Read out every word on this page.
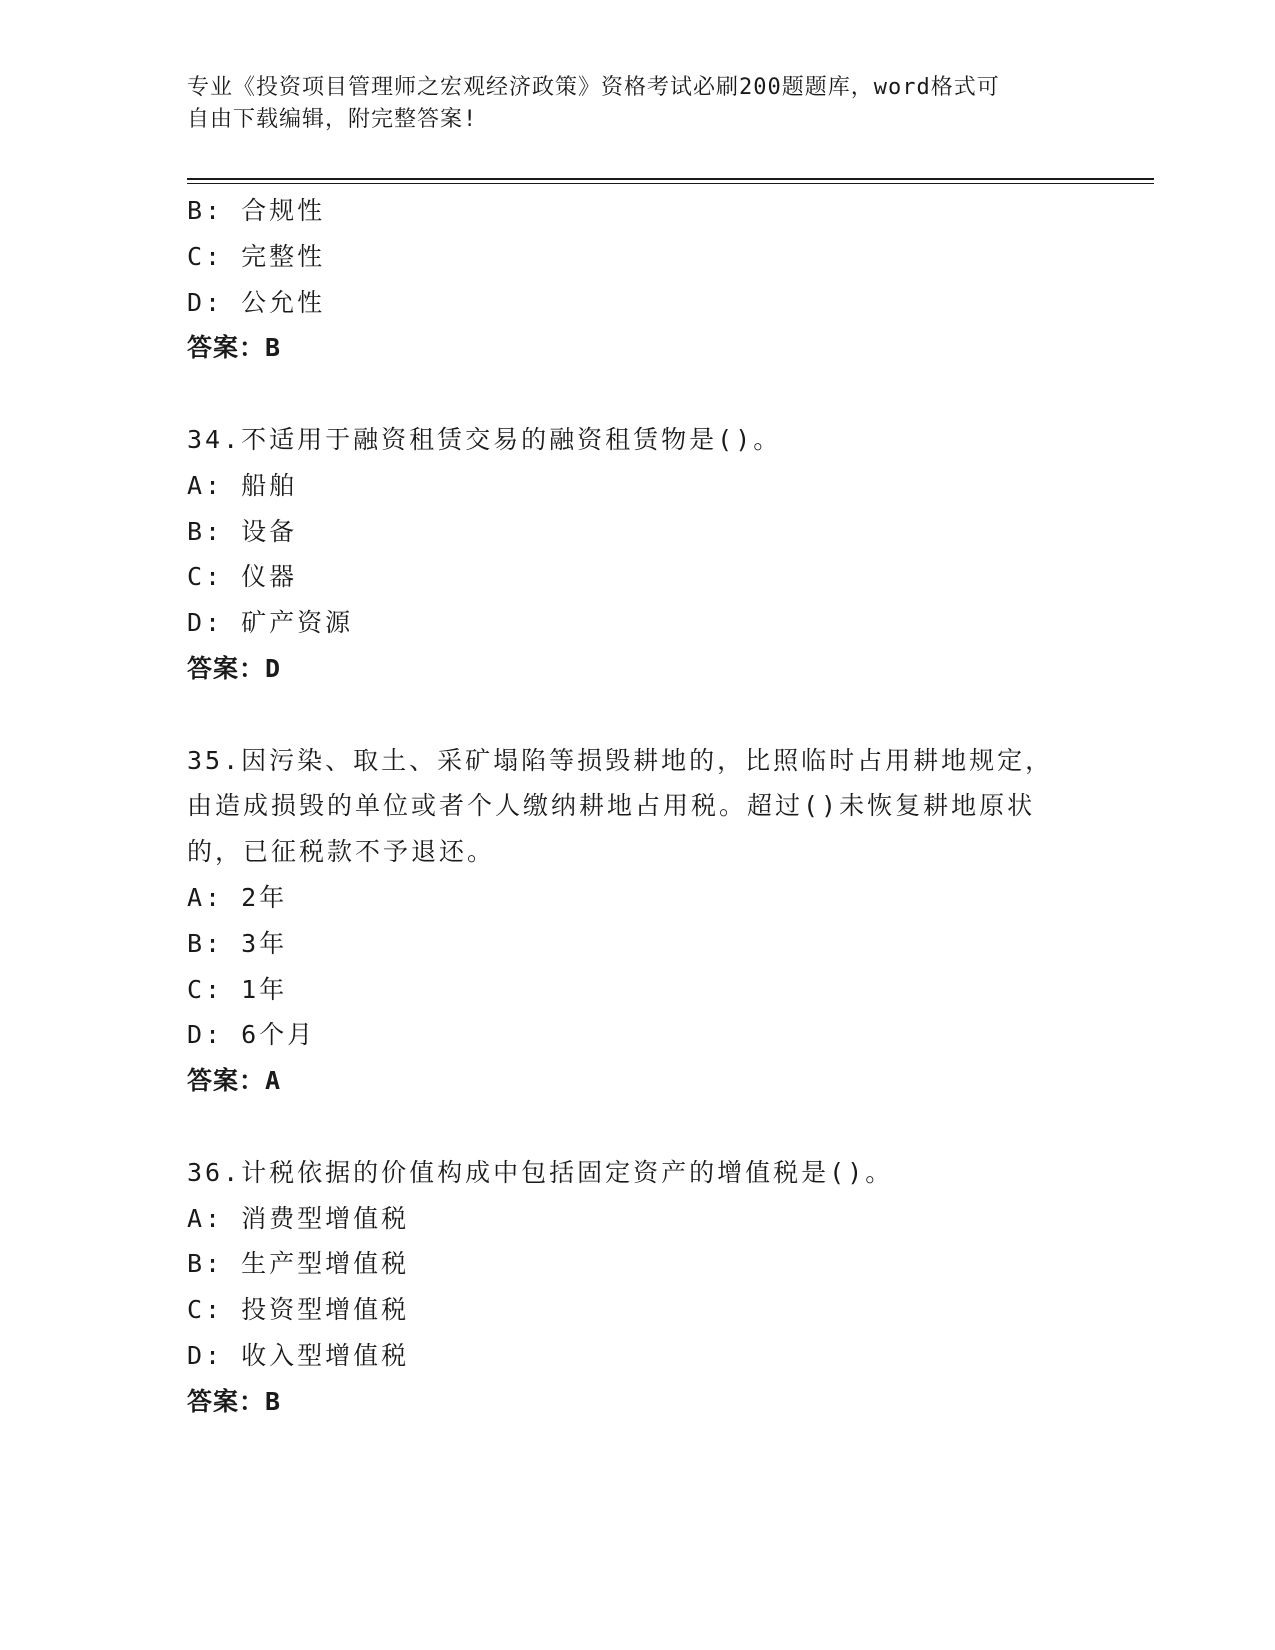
专业《投资项目管理师之宏观经济政策》资格考试必刷200题题库，word格式可
自由下载编辑，附完整答案!
B: 合规性
C: 完整性
D: 公允性
答案：B
34.不适用于融资租赁交易的融资租赁物是()。
A: 船舶
B: 设备
C: 仪器
D: 矿产资源
答案：D
35.因污染、取土、采矿塌陷等损毁耕地的，比照临时占用耕地规定，
由造成损毁的单位或者个人缴纳耕地占用税。超过()未恢复耕地原状
的，已征税款不予退还。
A: 2年
B: 3年
C: 1年
D: 6个月
答案：A
36.计税依据的价值构成中包括固定资产的增值税是()。
A: 消费型增值税
B: 生产型增值税
C: 投资型增值税
D: 收入型增值税
答案：B
